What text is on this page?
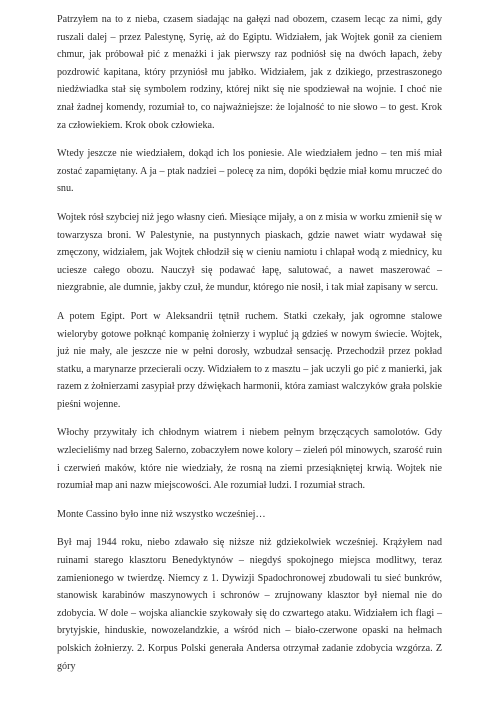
Patrzyłem na to z nieba, czasem siadając na gałęzi nad obozem, czasem lecąc za nimi, gdy ruszali dalej – przez Palestynę, Syrię, aż do Egiptu. Widziałem, jak Wojtek gonił za cieniem chmur, jak próbował pić z menażki i jak pierwszy raz podniósł się na dwóch łapach, żeby pozdrowić kapitana, który przyniósł mu jabłko. Widziałem, jak z dzikiego, przestraszonego niedźwiadka stał się symbolem rodziny, której nikt się nie spodziewał na wojnie. I choć nie znał żadnej komendy, rozumiał to, co najważniejsze: że lojalność to nie słowo – to gest. Krok za człowiekiem. Krok obok człowieka.

Wtedy jeszcze nie wiedziałem, dokąd ich los poniesie. Ale wiedziałem jedno – ten miś miał zostać zapamiętany. A ja – ptak nadziei – polecę za nim, dopóki będzie miał komu mruczeć do snu.

Wojtek rósł szybciej niż jego własny cień. Miesiące mijały, a on z misia w worku zmienił się w towarzysza broni. W Palestynie, na pustynnych piaskach, gdzie nawet wiatr wydawał się zmęczony, widziałem, jak Wojtek chłodził się w cieniu namiotu i chlapał wodą z miednicy, ku uciesze całego obozu. Nauczył się podawać łapę, salutować, a nawet maszerować – niezgrabnie, ale dumnie, jakby czuł, że mundur, którego nie nosił, i tak miał zapisany w sercu.

A potem Egipt. Port w Aleksandrii tętnił ruchem. Statki czekały, jak ogromne stalowe wieloryby gotowe połknąć kompanię żołnierzy i wypluć ją gdzieś w nowym świecie. Wojtek, już nie mały, ale jeszcze nie w pełni dorosły, wzbudzał sensację. Przechodził przez pokład statku, a marynarze przecierali oczy. Widziałem to z masztu – jak uczyli go pić z manierki, jak razem z żołnierzami zasypiał przy dźwiękach harmonii, która zamiast walczyków grała polskie pieśni wojenne.

Włochy przywitały ich chłodnym wiatrem i niebem pełnym brzęczących samolotów. Gdy wzlecieliśmy nad brzeg Salerno, zobaczyłem nowe kolory – zieleń pól minowych, szarość ruin i czerwień maków, które nie wiedziały, że rosną na ziemi przesiąkniętej krwią. Wojtek nie rozumiał map ani nazw miejscowości. Ale rozumiał ludzi. I rozumiał strach.

Monte Cassino było inne niż wszystko wcześniej…

Był maj 1944 roku, niebo zdawało się niższe niż gdziekolwiek wcześniej. Krążyłem nad ruinami starego klasztoru Benedyktynów – niegdyś spokojnego miejsca modlitwy, teraz zamienionego w twierdzę. Niemcy z 1. Dywizji Spadochronowej zbudowali tu sieć bunkrów, stanowisk karabinów maszynowych i schronów – zrujnowany klasztor był niemal nie do zdobycia. W dole – wojska alianckie szykowały się do czwartego ataku. Widziałem ich flagi – brytyjskie, hinduskie, nowozelandzkie, a wśród nich – biało-czerwone opaski na hełmach polskich żołnierzy. 2. Korpus Polski generała Andersa otrzymał zadanie zdobycia wzgórza. Z góry
